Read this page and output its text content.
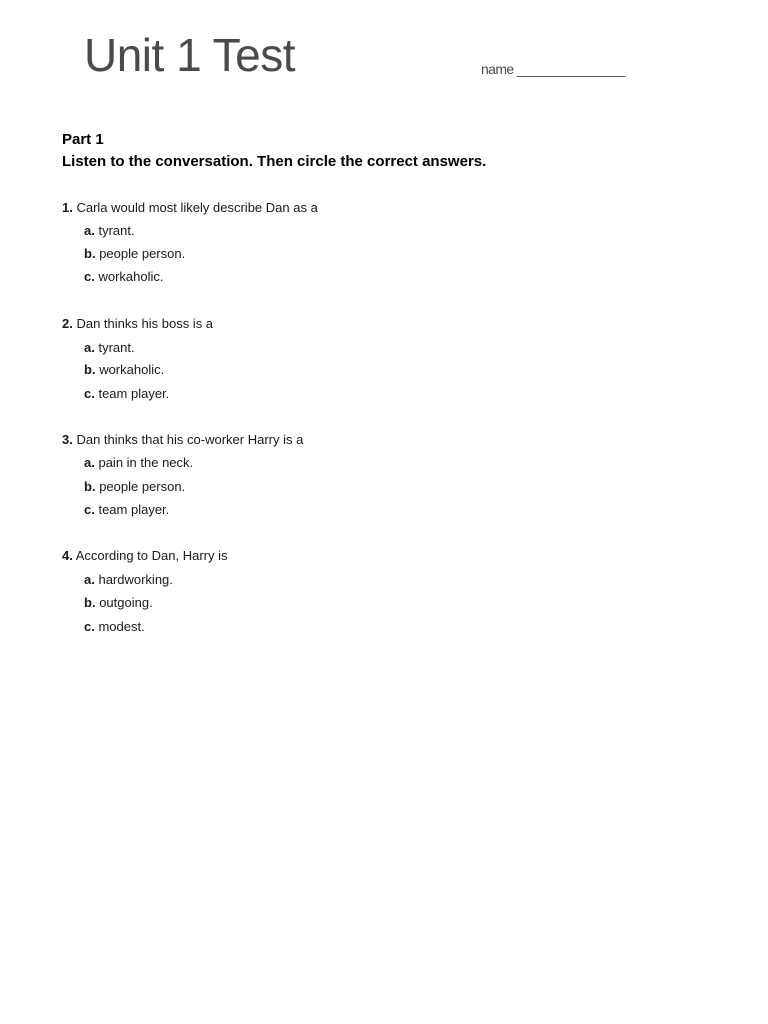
Unit 1 Test	name _______________
Part 1
Listen to the conversation. Then circle the correct answers.
1. Carla would most likely describe Dan as a
a. tyrant.
b. people person.
c. workaholic.
2. Dan thinks his boss is a
a. tyrant.
b. workaholic.
c. team player.
3. Dan thinks that his co-worker Harry is a
a. pain in the neck.
b. people person.
c. team player.
4. According to Dan, Harry is
a. hardworking.
b. outgoing.
c. modest.
